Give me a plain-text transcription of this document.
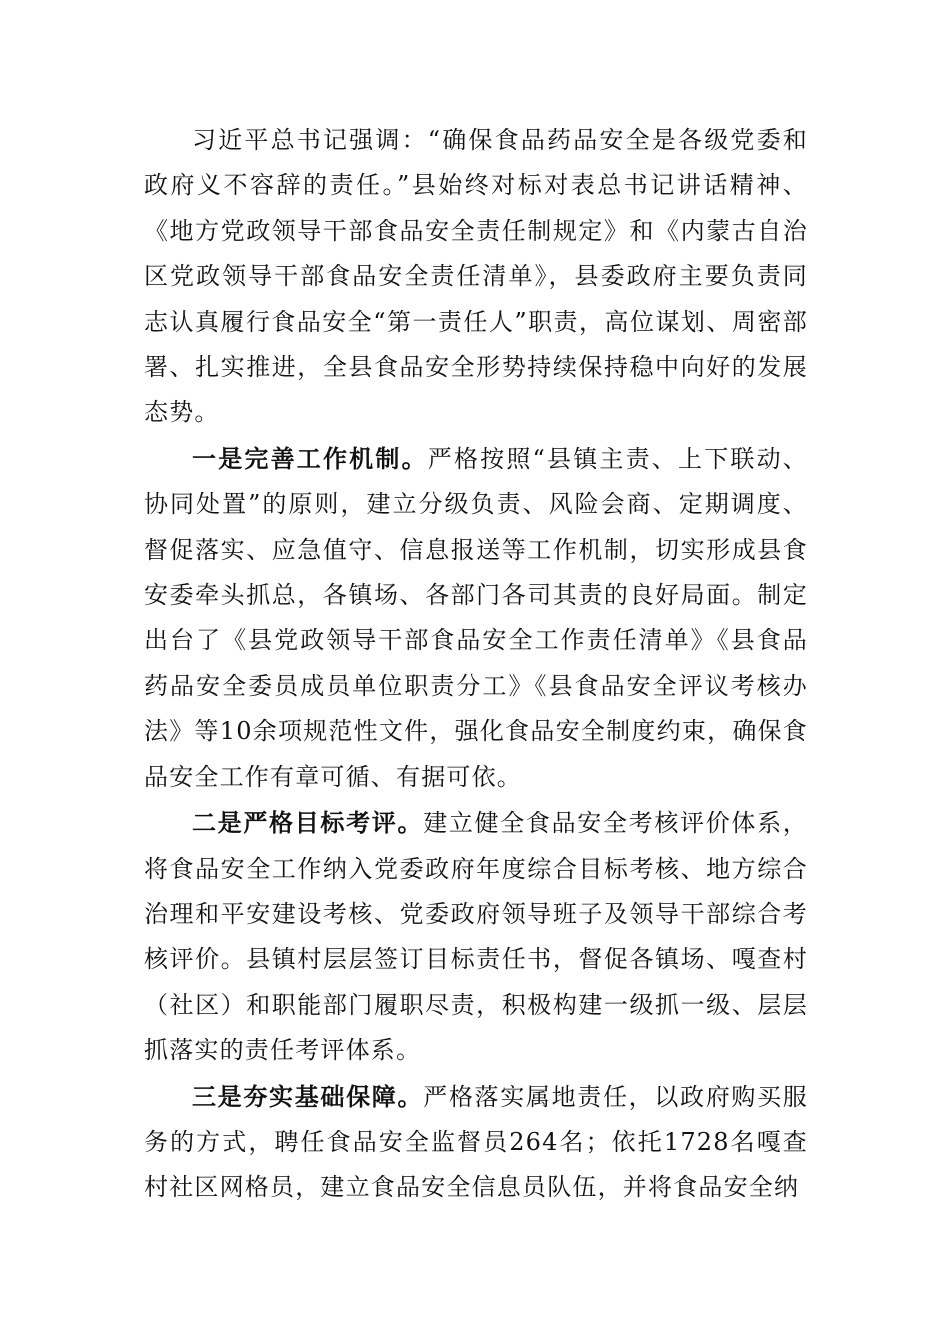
习近平总书记强调：“确保食品药品安全是各级党委和政府义不容辞的责任。”县始终对标对表总书记讲话精神、《地方党政领导干部食品安全责任制规定》和《内蒙古自治区党政领导干部食品安全责任清单》，县委政府主要负责同志认真履行食品安全“第一责任人”职责，高位谋划、周密部署、扎实推进，全县食品安全形势持续保持稳中向好的发展态势。

一是完善工作机制。严格按照“县镇主责、上下联动、协同处置”的原则，建立分级负责、风险会商、定期调度、督促落实、应急值守、信息报送等工作机制，切实形成县食安委牵头抓总，各镇场、各部门各司其责的良好局面。制定出台了《县党政领导干部食品安全工作责任清单》《县食品药品安全委员成员单位职责分工》《县食品安全评议考核办法》等10余项规范性文件，强化食品安全制度约束，确保食品安全工作有章可循、有据可依。

二是严格目标考评。建立健全食品安全考核评价体系，将食品安全工作纳入党委政府年度综合目标考核、地方综合治理和平安建设考核、党委政府领导班子及领导干部综合考核评价。县镇村层层签订目标责任书，督促各镇场、嘎查村（社区）和职能部门履职尽责，积极构建一级抓一级、层层抓落实的责任考评体系。

三是夯实基础保障。严格落实属地责任，以政府购买服务的方式，聘任食品安全监督员264名；依托1728名嘎查村社区网格员，建立食品安全信息员队伍，并将食品安全纳
